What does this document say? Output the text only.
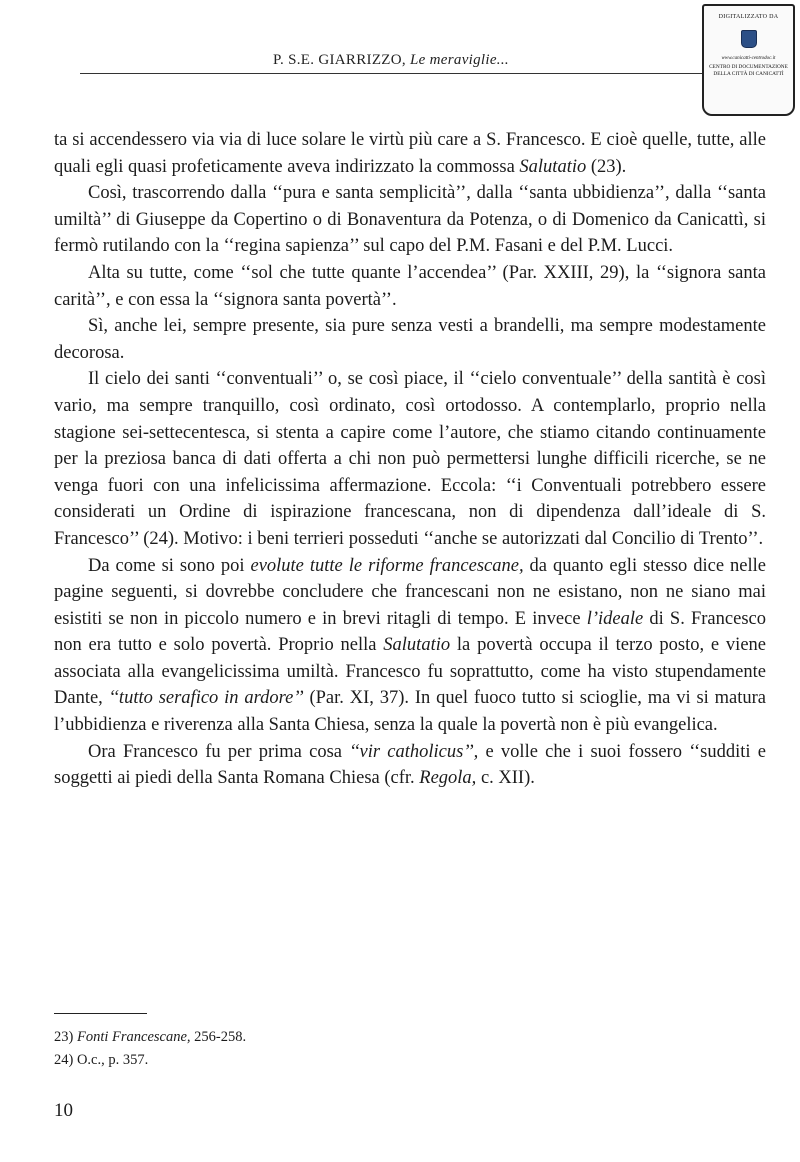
P. S.E. GIARRIZZO, Le meraviglie...
DIGITALIZZATO DA
www.canicatti-centrodoc.it
CENTRO DI DOCUMENTAZIONE
DELLA CITTÀ DI CANICATTÌ

ta si accendessero via via di luce solare le virtù più care a S. Francesco. E cioè quelle, tutte, alle quali egli quasi profeticamente aveva indirizzato la commossa Salutatio (23).

Così, trascorrendo dalla ‘‘pura e santa semplicità’’, dalla ‘‘santa ubbidienza’’, dalla ‘‘santa umiltà’’ di Giuseppe da Copertino o di Bonaventura da Potenza, o di Domenico da Canicattì, si fermò rutilando con la ‘‘regina sapienza’’ sul capo del P.M. Fasani e del P.M. Lucci.

Alta su tutte, come ‘‘sol che tutte quante l’accendea’’ (Par. XXIII, 29), la ‘‘signora santa carità’’, e con essa la ‘‘signora santa povertà’’.

Sì, anche lei, sempre presente, sia pure senza vesti a brandelli, ma sempre modestamente decorosa.

Il cielo dei santi ‘‘conventuali’’ o, se così piace, il ‘‘cielo conventuale’’ della santità è così vario, ma sempre tranquillo, così ordinato, così ortodosso. A contemplarlo, proprio nella stagione sei-settecentesca, si stenta a capire come l’autore, che stiamo citando continuamente per la preziosa banca di dati offerta a chi non può permettersi lunghe difficili ricerche, se ne venga fuori con una infelicissima affermazione. Eccola: ‘‘i Conventuali potrebbero essere considerati un Ordine di ispirazione francescana, non di dipendenza dall’ideale di S. Francesco’’ (24). Motivo: i beni terrieri posseduti ‘‘anche se autorizzati dal Concilio di Trento’’.

Da come si sono poi evolute tutte le riforme francescane, da quanto egli stesso dice nelle pagine seguenti, si dovrebbe concludere che francescani non ne esistano, non ne siano mai esistiti se non in piccolo numero e in brevi ritagli di tempo. E invece l’ideale di S. Francesco non era tutto e solo povertà. Proprio nella Salutatio la povertà occupa il terzo posto, e viene associata alla evangelicissima umiltà. Francesco fu soprattutto, come ha visto stupendamente Dante, ‘‘tutto serafico in ardore’’ (Par. XI, 37). In quel fuoco tutto si scioglie, ma vi si matura l’ubbidienza e riverenza alla Santa Chiesa, senza la quale la povertà non è più evangelica.

Ora Francesco fu per prima cosa ‘‘vir catholicus’’, e volle che i suoi fossero ‘‘sudditi e soggetti ai piedi della Santa Romana Chiesa (cfr. Regola, c. XII).

23) Fonti Francescane, 256-258.
24) O.c., p. 357.
10
